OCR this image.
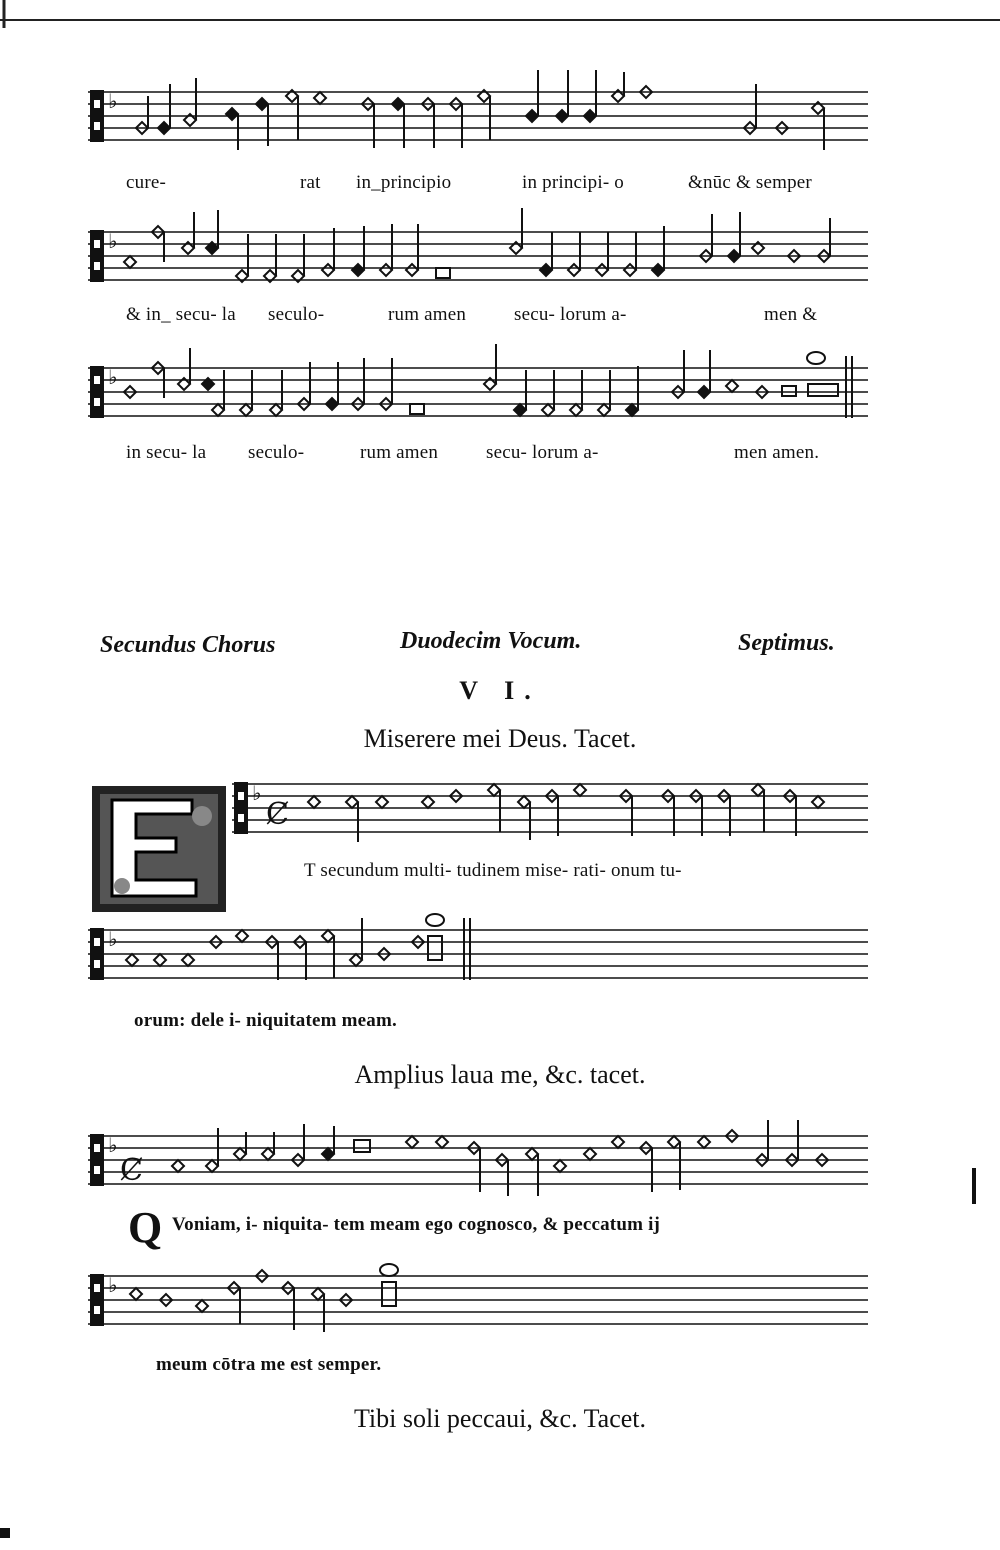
♭
♭
♭
♭
♭
♭
♭
Ȼ
Ȼ
cure-	rat in_principio	in principi- o	&nūc & semper
& in_ secu- la seculo-	rum amen	secu- lorum a-	men &
in secu- la seculo-	rum amen	secu- lorum a-	men amen.
Secundus Chorus	Duodecim Vocum.	Septimus.
V I.
Miserere mei Deus. Tacet.
T secundum multi- tudinem mise- rati- onum tu-
orum: dele i- niquitatem meam.
Amplius laua me, &c. tacet.
Q Voniam, i- niquita- tem meam ego cognosco, & peccatum ij
meum cōtra me est semper.
Tibi soli peccaui, &c. Tacet.
